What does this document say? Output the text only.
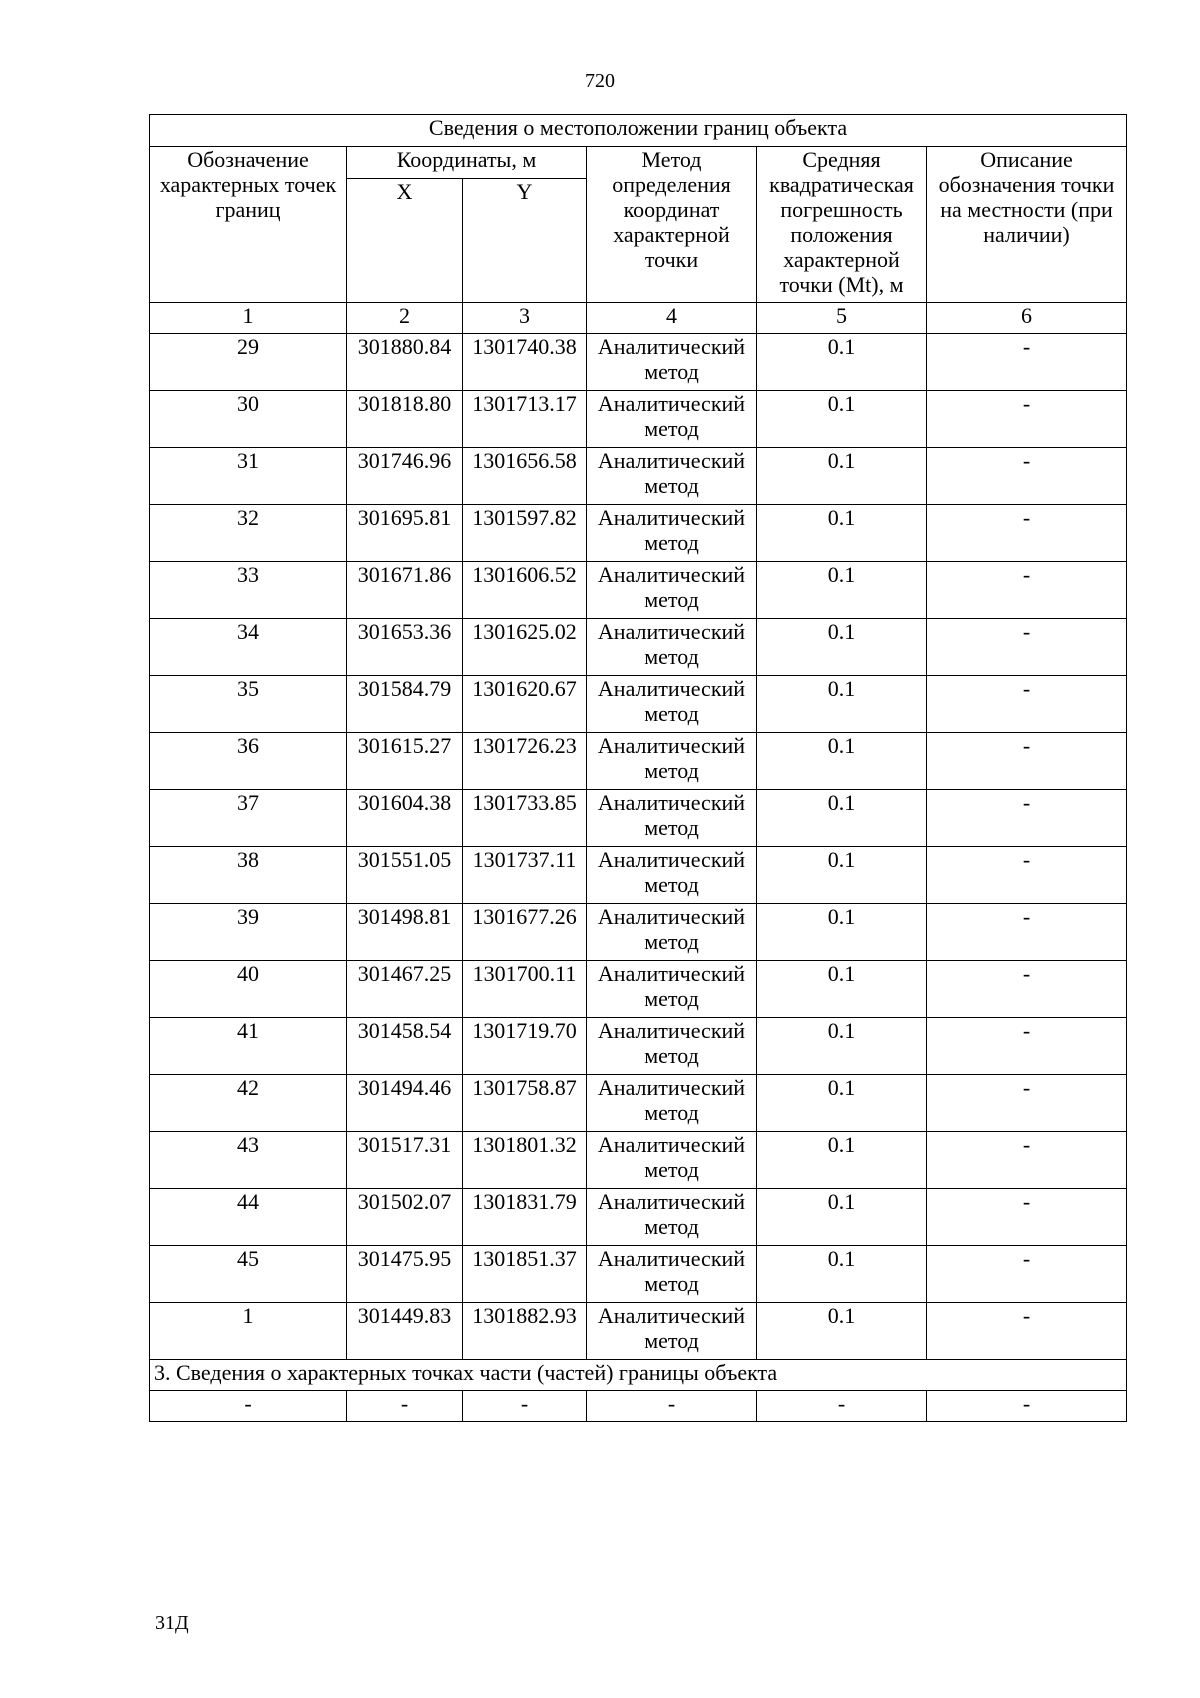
720
Сведения о местоположении границ объекта					
Обозначение характерных точек границ	Координаты, м		Метод определения координат характерной точки	Средняя квадратическая погрешность положения характерной точки (Mt), м	Описание обозначения точки на местности (при наличии)
	X	Y			
1	2	3	4	5	6
29	301880.84	1301740.38	Аналитический метод	0.1	-
30	301818.80	1301713.17	Аналитический метод	0.1	-
31	301746.96	1301656.58	Аналитический метод	0.1	-
32	301695.81	1301597.82	Аналитический метод	0.1	-
33	301671.86	1301606.52	Аналитический метод	0.1	-
34	301653.36	1301625.02	Аналитический метод	0.1	-
35	301584.79	1301620.67	Аналитический метод	0.1	-
36	301615.27	1301726.23	Аналитический метод	0.1	-
37	301604.38	1301733.85	Аналитический метод	0.1	-
38	301551.05	1301737.11	Аналитический метод	0.1	-
39	301498.81	1301677.26	Аналитический метод	0.1	-
40	301467.25	1301700.11	Аналитический метод	0.1	-
41	301458.54	1301719.70	Аналитический метод	0.1	-
42	301494.46	1301758.87	Аналитический метод	0.1	-
43	301517.31	1301801.32	Аналитический метод	0.1	-
44	301502.07	1301831.79	Аналитический метод	0.1	-
45	301475.95	1301851.37	Аналитический метод	0.1	-
1	301449.83	1301882.93	Аналитический метод	0.1	-
3. Сведения о характерных точках части (частей) границы объекта					
-	-	-	-	-	-
31Д
